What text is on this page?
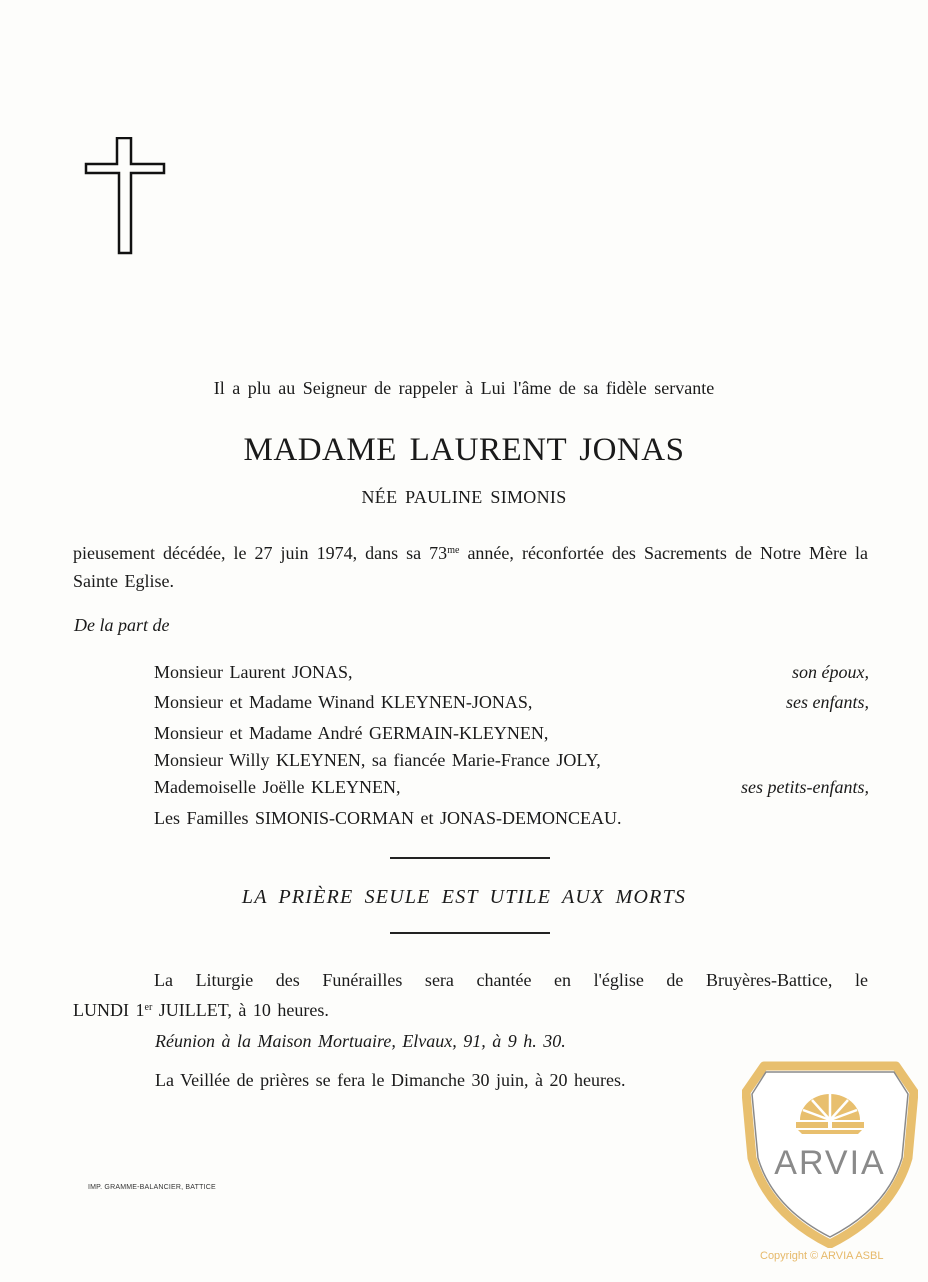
Il a plu au Seigneur de rappeler à Lui l'âme de sa fidèle servante
MADAME LAURENT JONAS
NÉE PAULINE SIMONIS
pieusement décédée, le 27 juin 1974, dans sa $73^{me}$ année, réconfortée des Sacrements de Notre Mère la Sainte Eglise.
De la part de
Monsieur Laurent JONAS,	son époux,
Monsieur et Madame Winand KLEYNEN-JONAS,	ses enfants,
Monsieur et Madame André GERMAIN-KLEYNEN,
Monsieur Willy KLEYNEN, sa fiancée Marie-France JOLY,
Mademoiselle Joëlle KLEYNEN,	ses petits-enfants,
Les Familles SIMONIS-CORMAN et JONAS-DEMONCEAU.
LA PRIÈRE SEULE EST UTILE AUX MORTS
La Liturgie des Funérailles sera chantée en l'église de Bruyères-Battice, le
LUNDI 1er JUILLET, à 10 heures.
Réunion à la Maison Mortuaire, Elvaux, 91, à 9 h. 30.
La Veillée de prières se fera le Dimanche 30 juin, à 20 heures.
IMP. GRAMME-BALANCIER, BATTICE
ARVIA
Copyright © ARVIA ASBL
